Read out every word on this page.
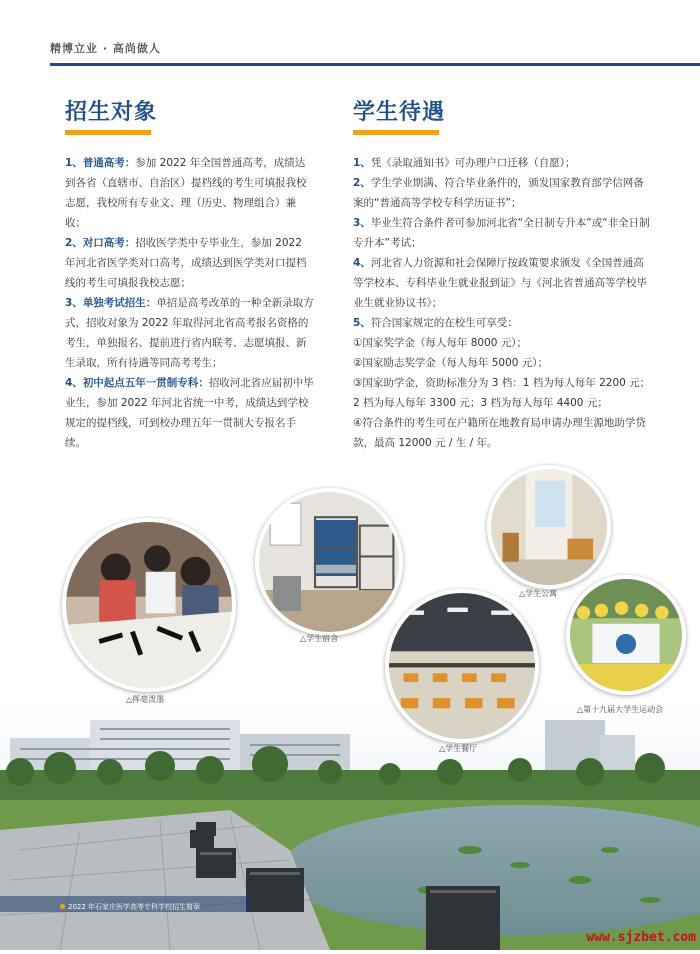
精博立业 · 高尚做人
招生对象

1、普通高考：参加 2022 年全国普通高考，成绩达到各省（直辖市、自治区）提档线的考生可填报我校志愿，我校所有专业文、理（历史、物理组合）兼收；

2、对口高考：招收医学类中专毕业生，参加 2022 年河北省医学类对口高考，成绩达到医学类对口提档线的考生可填报我校志愿；

3、单独考试招生：单招是高考改革的一种全新录取方式，招收对象为 2022 年取得河北省高考报名资格的考生，单独报名、提前进行省内联考、志愿填报、新生录取，所有待遇等同高考考生；

4、初中起点五年一贯制专科：招收河北省应届初中毕业生，参加 2022 年河北省统一中考，成绩达到学校规定的提档线，可到校办理五年一贯制大专报名手续。

学生待遇

1、凭《录取通知书》可办理户口迁移（自愿）；

2、学生学业期满、符合毕业条件的，颁发国家教育部学信网备案的“普通高等学校专科学历证书”；

3、毕业生符合条件者可参加河北省“全日制专升本”或“非全日制专升本”考试；

4、河北省人力资源和社会保障厅按政策要求颁发《全国普通高等学校本、专科毕业生就业报到证》与《河北省普通高等学校毕业生就业协议书》；

5、符合国家规定的在校生可享受：

①国家奖学金（每人每年 8000 元）；

②国家励志奖学金（每人每年 5000 元）；

③国家助学金，资助标准分为 3 档：1 档为每人每年 2200 元；2 档为每人每年 3300 元；3 档为每人每年 4400 元；

④符合条件的考生可在户籍所在地教育局申请办理生源地助学贷款，最高 12000 元 / 生 / 年。

△挥毫泼墨
△学生宿舍
△学生公寓
△学生餐厅
△第十九届大学生运动会
2022 年石家庄医学高等专科学校招生简章
www.sjzbet.com
